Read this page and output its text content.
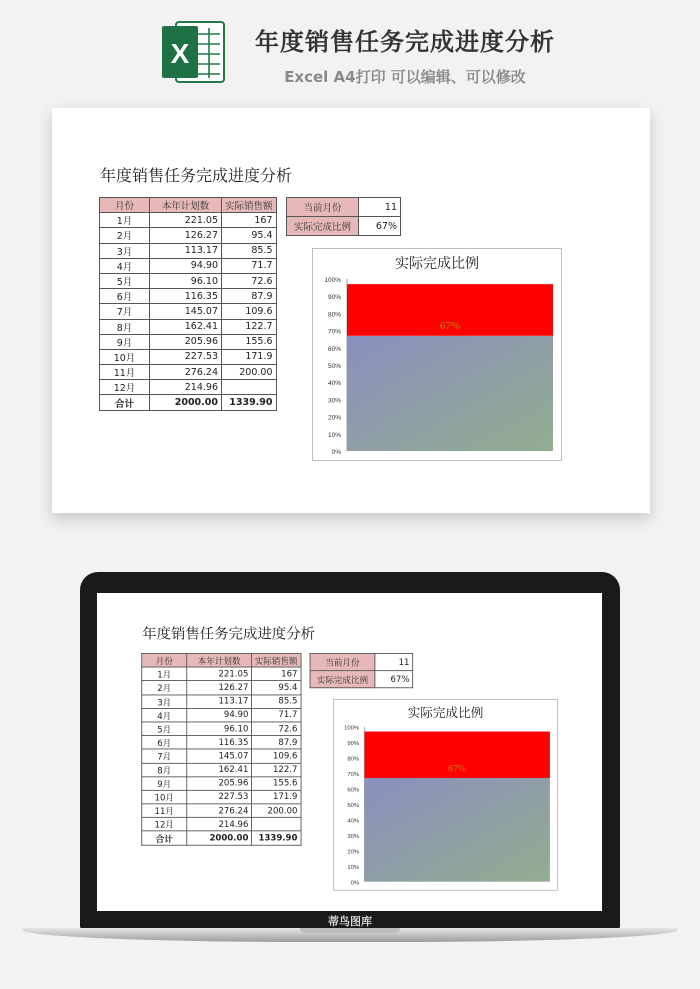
X	年度销售任务完成进度分析
Excel A4打印 可以编辑、可以修改
年度销售任务完成进度分析
月份	本年计划数	实际销售额
1月	221.05	167
2月	126.27	95.4
3月	113.17	85.5
4月	94.90	71.7
5月	96.10	72.6
6月	116.35	87.9
7月	145.07	109.6
8月	162.41	122.7
9月	205.96	155.6
10月	227.53	171.9
11月	276.24	200.00
12月	214.96	
合计	2000.00	1339.90
当前月份	11
实际完成比例	67%
实际完成比例
0%
10%
20%
30%
40%
50%
60%
70%
80%
90%
100%
67%
年度销售任务完成进度分析
月份	本年计划数	实际销售额
1月	221.05	167
2月	126.27	95.4
3月	113.17	85.5
4月	94.90	71.7
5月	96.10	72.6
6月	116.35	87.9
7月	145.07	109.6
8月	162.41	122.7
9月	205.96	155.6
10月	227.53	171.9
11月	276.24	200.00
12月	214.96	
合计	2000.00	1339.90
当前月份	11
实际完成比例	67%
实际完成比例
0%
10%
20%
30%
40%
50%
60%
70%
80%
90%
100%
67%
蒂鸟图库
